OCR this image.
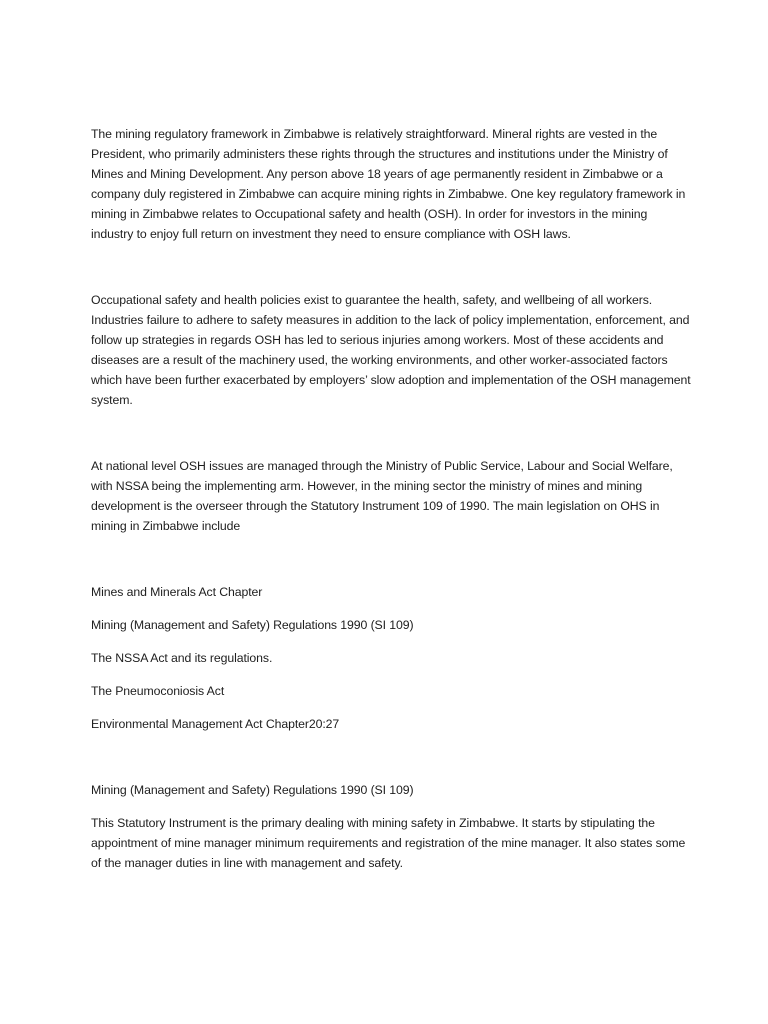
The mining regulatory framework in Zimbabwe is relatively straightforward. Mineral rights are vested in the President, who primarily administers these rights through the structures and institutions under the Ministry of Mines and Mining Development. Any person above 18 years of age permanently resident in Zimbabwe or a company duly registered in Zimbabwe can acquire mining rights in Zimbabwe. One key regulatory framework in mining in Zimbabwe relates to Occupational safety and health (OSH). In order for investors in the mining industry to enjoy full return on investment they need to ensure compliance with OSH laws.

Occupational safety and health policies exist to guarantee the health, safety, and wellbeing of all workers. Industries failure to adhere to safety measures in addition to the lack of policy implementation, enforcement, and follow up strategies in regards OSH has led to serious injuries among workers. Most of these accidents and diseases are a result of the machinery used, the working environments, and other worker-associated factors which have been further exacerbated by employers’ slow adoption and implementation of the OSH management system.

At national level OSH issues are managed through the Ministry of Public Service, Labour and Social Welfare, with NSSA being the implementing arm. However, in the mining sector the ministry of mines and mining development is the overseer through the Statutory Instrument 109 of 1990. The main legislation on OHS in mining in Zimbabwe include

Mines and Minerals Act Chapter

Mining (Management and Safety) Regulations 1990 (SI 109)

The NSSA Act and its regulations.

The Pneumoconiosis Act

Environmental Management Act Chapter20:27

Mining (Management and Safety) Regulations 1990 (SI 109)

This Statutory Instrument is the primary dealing with mining safety in Zimbabwe. It starts by stipulating the appointment of mine manager minimum requirements and registration of the mine manager. It also states some of the manager duties in line with management and safety.
